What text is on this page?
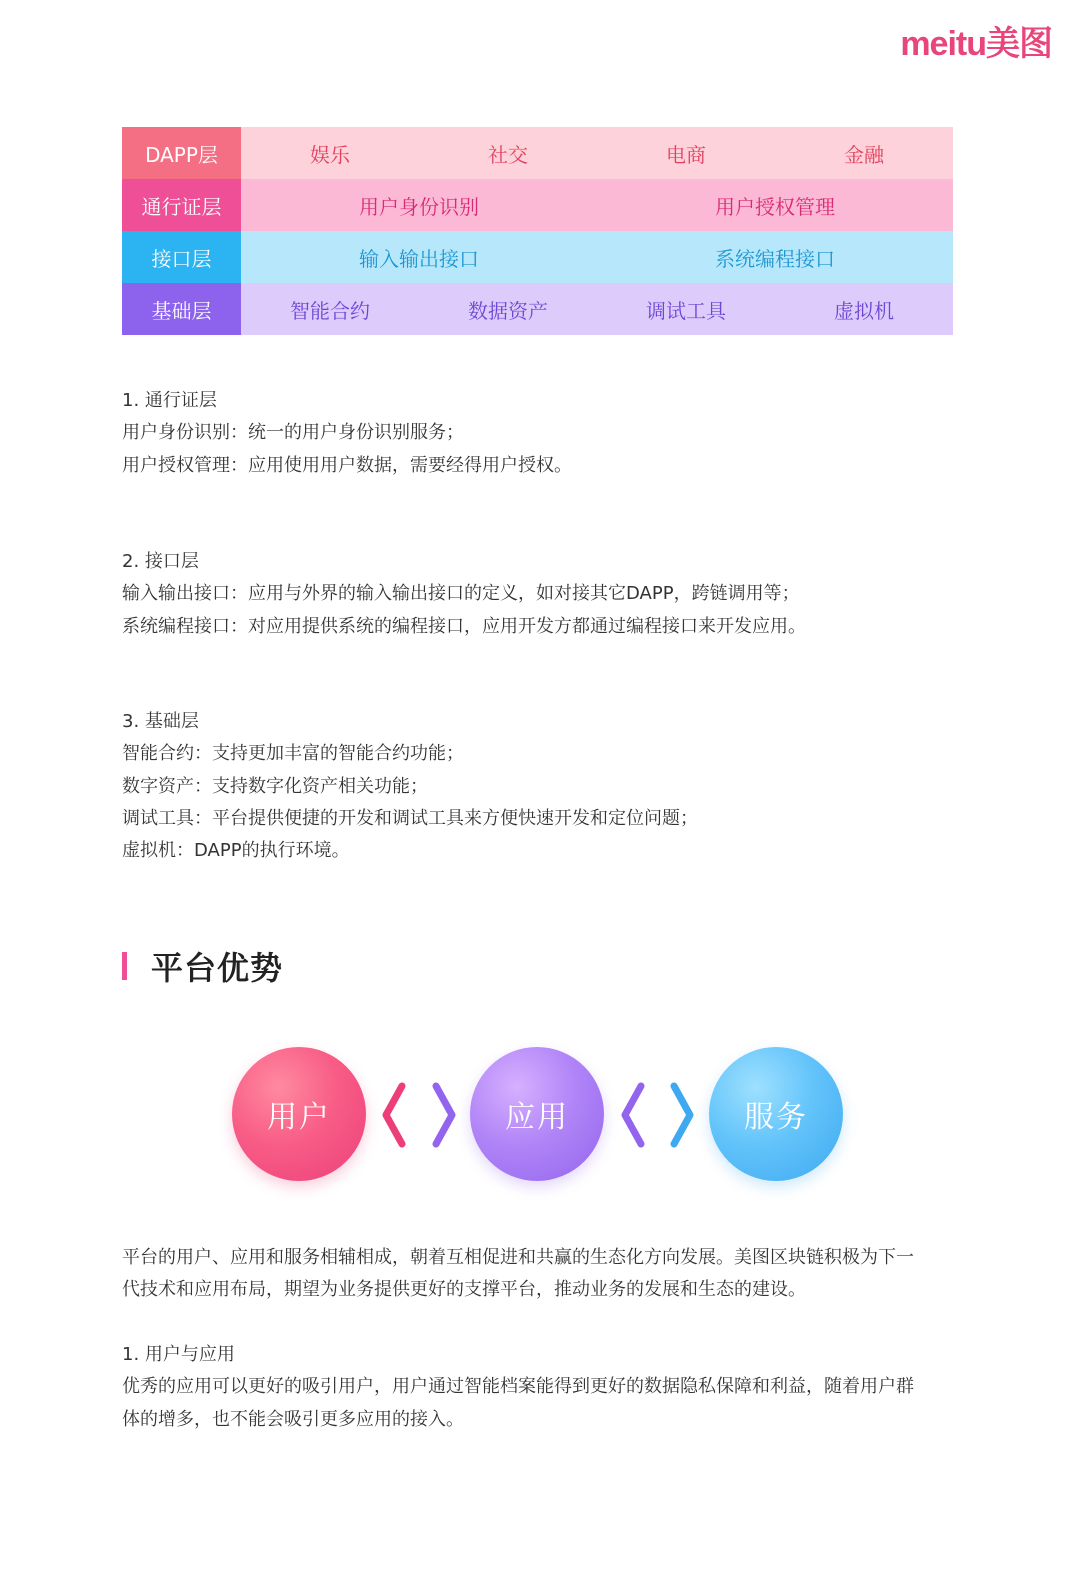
meitu美图
DAPP层	娱乐	社交	电商	金融
通行证层	用户身份识别	用户授权管理
接口层	输入输出接口	系统编程接口
基础层	智能合约	数据资产	调试工具	虚拟机
1. 通行证层
用户身份识别：统一的用户身份识别服务；
用户授权管理：应用使用用户数据，需要经得用户授权。
2. 接口层
输入输出接口：应用与外界的输入输出接口的定义，如对接其它DAPP，跨链调用等；
系统编程接口：对应用提供系统的编程接口，应用开发方都通过编程接口来开发应用。
3. 基础层
智能合约：支持更加丰富的智能合约功能；
数字资产：支持数字化资产相关功能；
调试工具：平台提供便捷的开发和调试工具来方便快速开发和定位问题；
虚拟机：DAPP的执行环境。
平台优势
用户	应用	服务
平台的用户、应用和服务相辅相成，朝着互相促进和共赢的生态化方向发展。美图区块链积极为下一
代技术和应用布局，期望为业务提供更好的支撑平台，推动业务的发展和生态的建设。
1. 用户与应用
优秀的应用可以更好的吸引用户，用户通过智能档案能得到更好的数据隐私保障和利益，随着用户群
体的增多，也不能会吸引更多应用的接入。
